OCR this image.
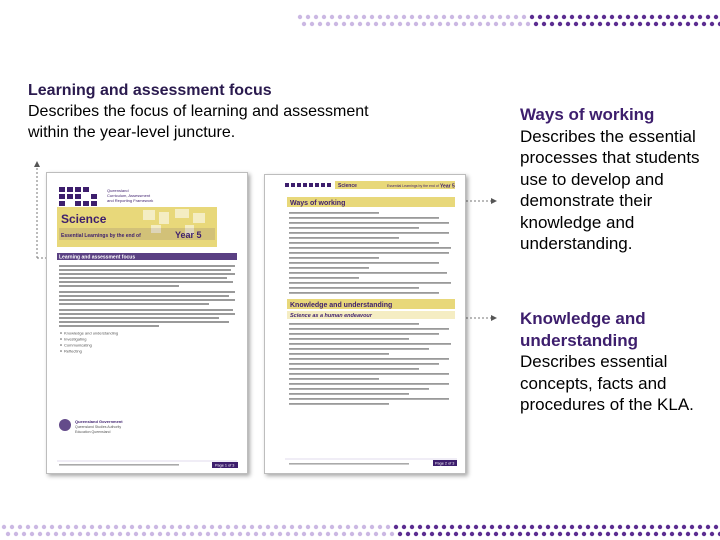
Learning and assessment focus
Describes the focus of learning and assessment within the year-level juncture.
Ways of working
Describes the essential processes that students use to develop and demonstrate their knowledge and understanding.
Knowledge and understanding
Describes essential concepts, facts and procedures of the KLA.
Queensland
Curriculum, Assessment
and Reporting Framework
Science
Essential Learnings by the end of	Year 5
Learning and assessment focus
Knowledge and understanding
Investigating
Communicating
Reflecting
Queensland Government
Queensland Studies Authority
Education Queensland
Page 1 of 3
Science	Essential Learnings by the end of Year 5
Ways of working
Knowledge and understanding
Science as a human endeavour
Page 2 of 3
